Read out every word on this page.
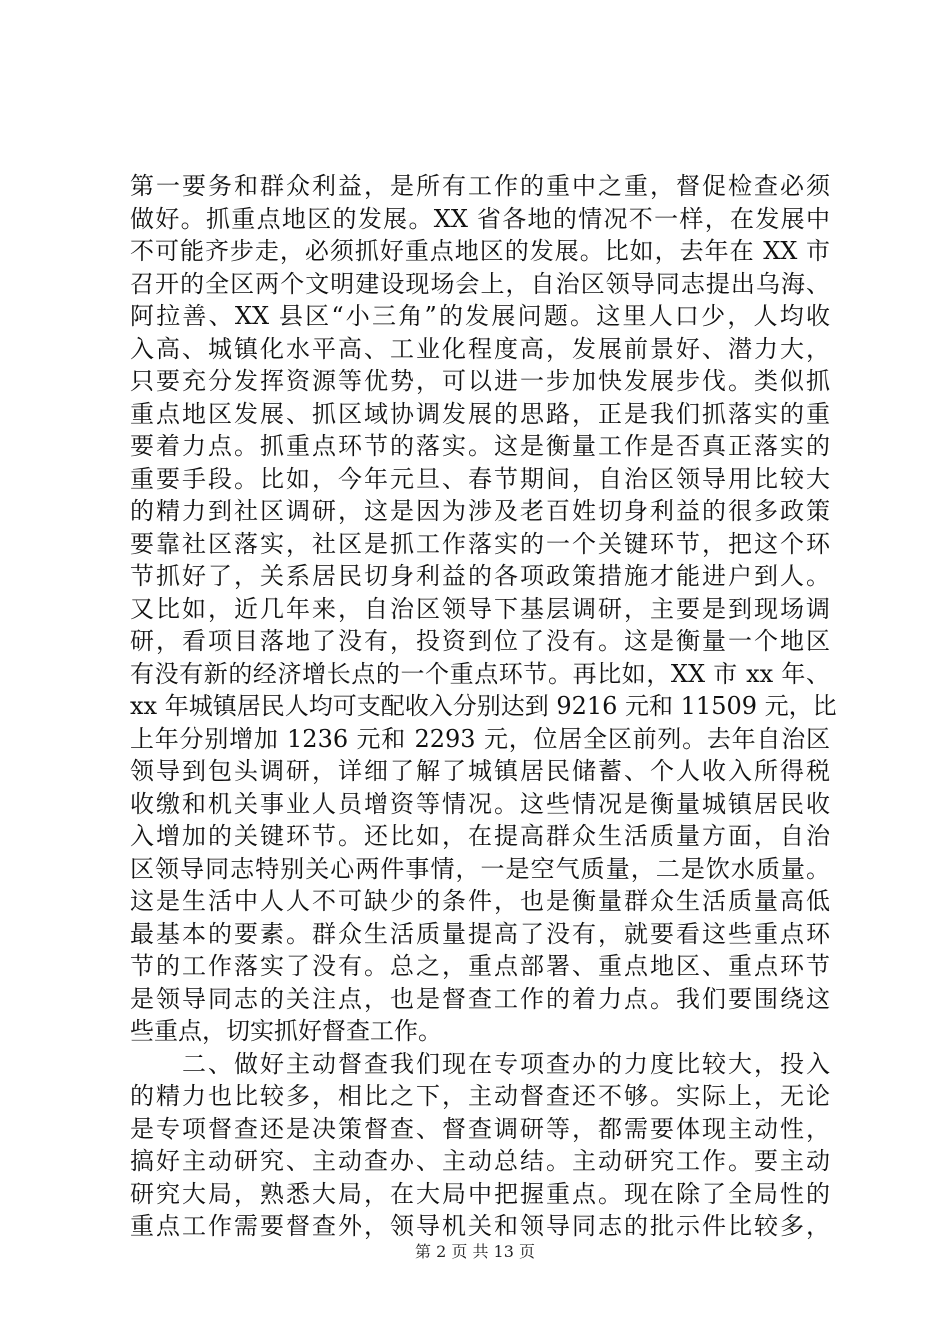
第一要务和群众利益，是所有工作的重中之重，督促检查必须
做好。抓重点地区的发展。XX 省各地的情况不一样，在发展中
不可能齐步走，必须抓好重点地区的发展。比如，去年在 XX 市
召开的全区两个文明建设现场会上，自治区领导同志提出乌海、
阿拉善、XX 县区“小三角”的发展问题。这里人口少，人均收
入高、城镇化水平高、工业化程度高，发展前景好、潜力大，
只要充分发挥资源等优势，可以进一步加快发展步伐。类似抓
重点地区发展、抓区域协调发展的思路，正是我们抓落实的重
要着力点。抓重点环节的落实。这是衡量工作是否真正落实的
重要手段。比如，今年元旦、春节期间，自治区领导用比较大
的精力到社区调研，这是因为涉及老百姓切身利益的很多政策
要靠社区落实，社区是抓工作落实的一个关键环节，把这个环
节抓好了，关系居民切身利益的各项政策措施才能进户到人。
又比如，近几年来，自治区领导下基层调研，主要是到现场调
研，看项目落地了没有，投资到位了没有。这是衡量一个地区
有没有新的经济增长点的一个重点环节。再比如，XX 市 xx 年、
xx 年城镇居民人均可支配收入分别达到 9216 元和 11509 元，比
上年分别增加 1236 元和 2293 元，位居全区前列。去年自治区
领导到包头调研，详细了解了城镇居民储蓄、个人收入所得税
收缴和机关事业人员增资等情况。这些情况是衡量城镇居民收
入增加的关键环节。还比如，在提高群众生活质量方面，自治
区领导同志特别关心两件事情，一是空气质量，二是饮水质量。
这是生活中人人不可缺少的条件，也是衡量群众生活质量高低
最基本的要素。群众生活质量提高了没有，就要看这些重点环
节的工作落实了没有。总之，重点部署、重点地区、重点环节
是领导同志的关注点，也是督查工作的着力点。我们要围绕这
些重点，切实抓好督查工作。
　　二、做好主动督查我们现在专项查办的力度比较大，投入
的精力也比较多，相比之下，主动督查还不够。实际上，无论
是专项督查还是决策督查、督查调研等，都需要体现主动性，
搞好主动研究、主动查办、主动总结。主动研究工作。要主动
研究大局，熟悉大局，在大局中把握重点。现在除了全局性的
重点工作需要督查外，领导机关和领导同志的批示件比较多，
第 2 页 共 13 页
